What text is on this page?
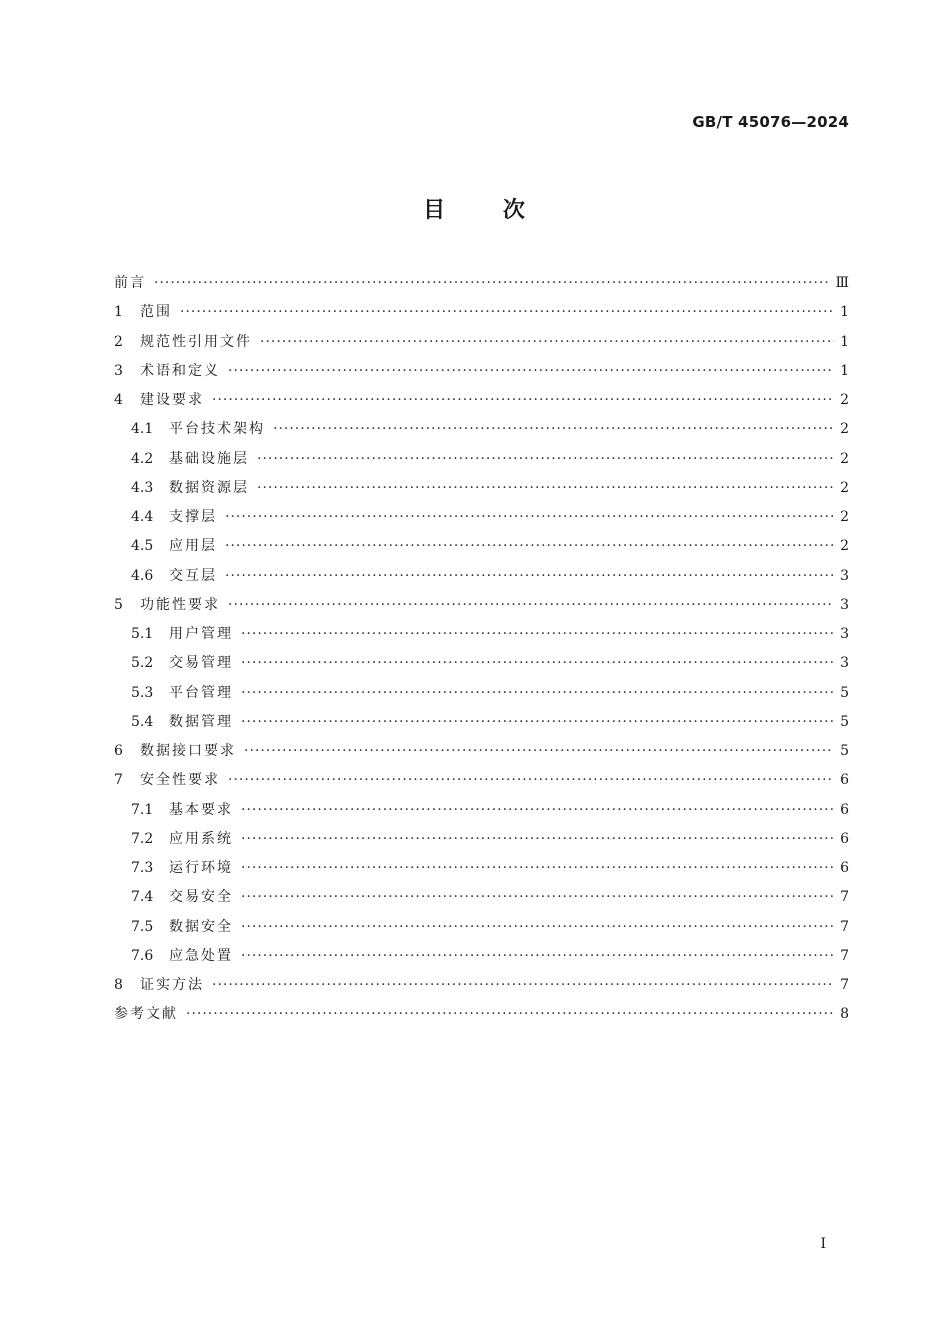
GB/T 45076—2024
目 次
前言 ·····	Ⅲ
1	范围 ·····	1
2	规范性引用文件 ·····	1
3	术语和定义 ·····	1
4	建设要求 ·····	2
4.1	平台技术架构 ·····	2
4.2	基础设施层 ·····	2
4.3	数据资源层 ·····	2
4.4	支撑层 ·····	2
4.5	应用层 ·····	2
4.6	交互层 ·····	3
5	功能性要求 ·····	3
5.1	用户管理 ·····	3
5.2	交易管理 ·····	3
5.3	平台管理 ·····	5
5.4	数据管理 ·····	5
6	数据接口要求 ·····	5
7	安全性要求 ·····	6
7.1	基本要求 ·····	6
7.2	应用系统 ·····	6
7.3	运行环境 ·····	6
7.4	交易安全 ·····	7
7.5	数据安全 ·····	7
7.6	应急处置 ·····	7
8	证实方法 ·····	7
参考文献 ·····	8
I
